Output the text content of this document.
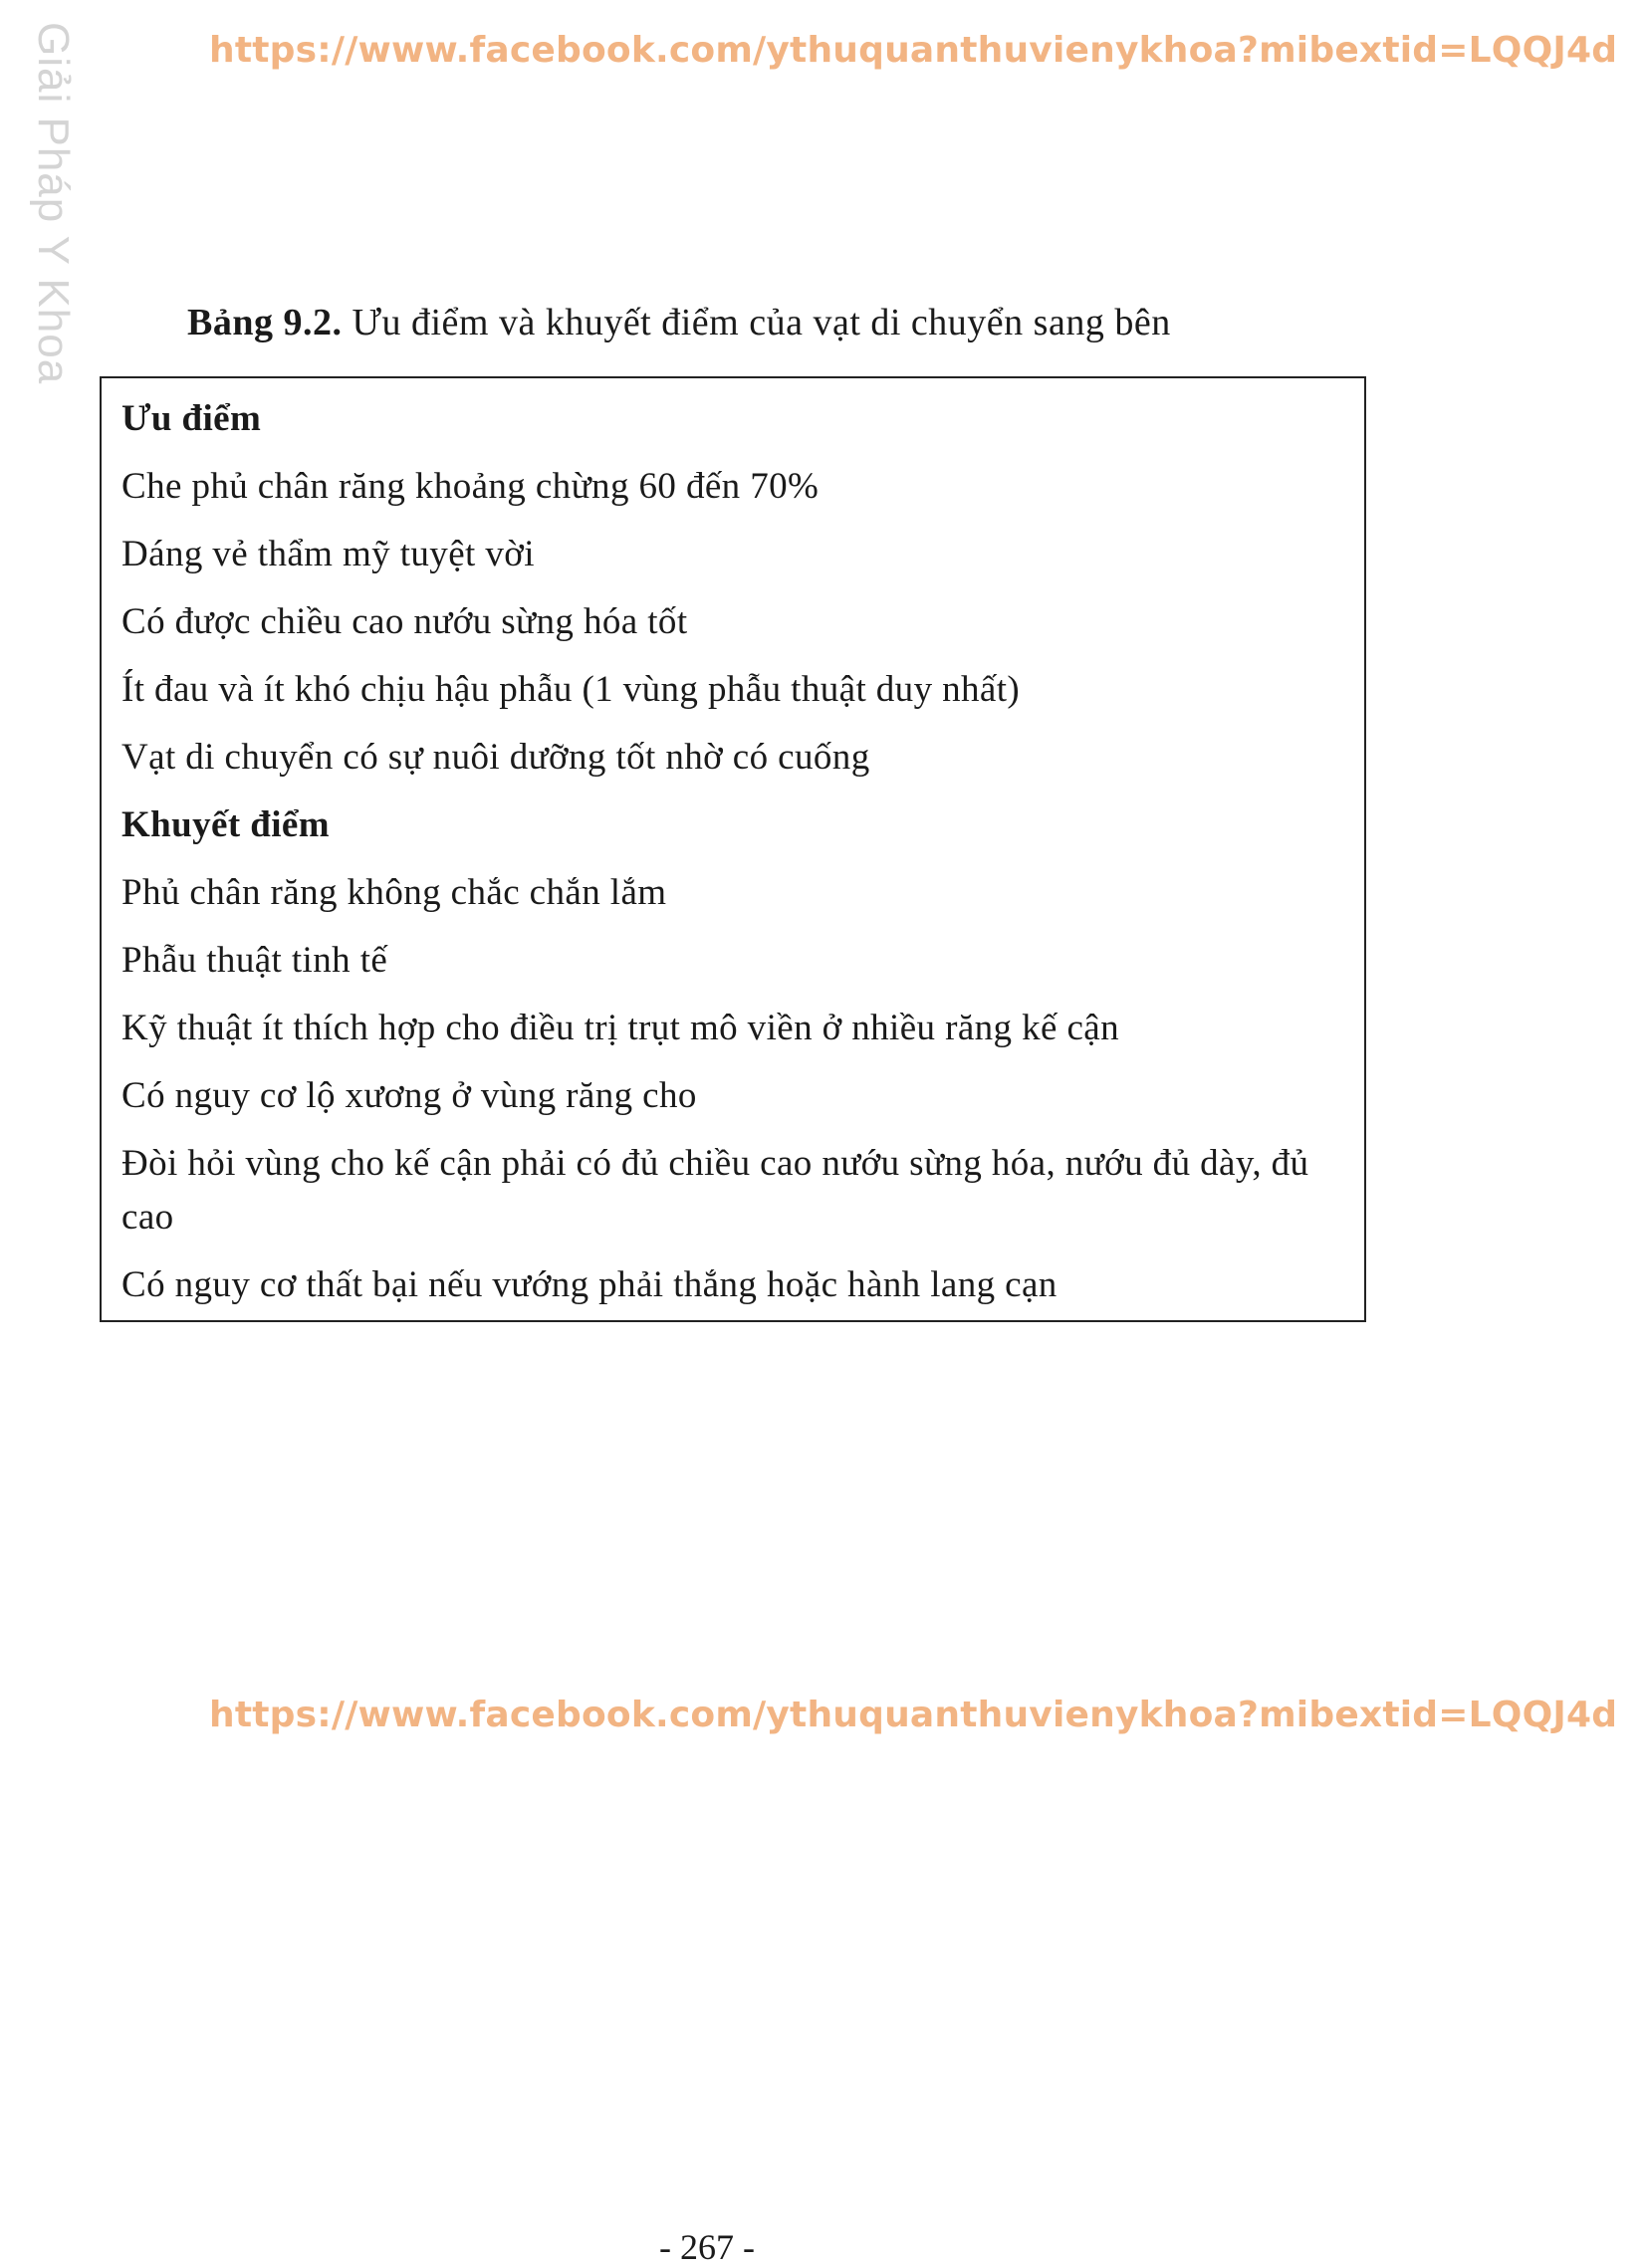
Giải Pháp Y Khoa	https://www.facebook.com/ythuquanthuvienykhoa?mibextid=LQQJ4d
Bảng 9.2. Ưu điểm và khuyết điểm của vạt di chuyển sang bên
Ưu điểm
Che phủ chân răng khoảng chừng 60 đến 70%
Dáng vẻ thẩm mỹ tuyệt vời
Có được chiều cao nướu sừng hóa tốt
Ít đau và ít khó chịu hậu phẫu (1 vùng phẫu thuật duy nhất)
Vạt di chuyển có sự nuôi dưỡng tốt nhờ có cuống
Khuyết điểm
Phủ chân răng không chắc chắn lắm
Phẫu thuật tinh tế
Kỹ thuật ít thích hợp cho điều trị trụt mô viền ở nhiều răng kế cận
Có nguy cơ lộ xương ở vùng răng cho
Đòi hỏi vùng cho kế cận phải có đủ chiều cao nướu sừng hóa, nướu đủ dày, đủ cao
Có nguy cơ thất bại nếu vướng phải thắng hoặc hành lang cạn
https://www.facebook.com/ythuquanthuvienykhoa?mibextid=LQQJ4d
- 267 -
